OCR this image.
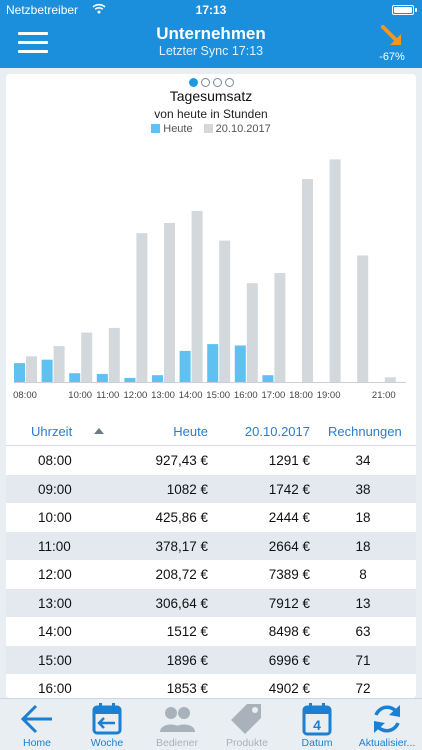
Netzbetreiber	17:13
Unternehmen
Letzter Sync 17:13	-67%
Tagesumsatz
von heute in Stunden
Heute 20.10.2017
08:00	10:00 11:00 12:00 13:00 14:00 15:00 16:00 17:00 18:00 19:00	21:00
Uhrzeit	Heute	20.10.2017 Rechnungen
08:00	927,43 €	1291 €	34
09:00	1082 €	1742 €	38
10:00	425,86 €	2444 €	18
11:00	378,17 €	2664 €	18
12:00	208,72 €	7389 €	8
13:00	306,64 €	7912 €	13
14:00	1512 €	8498 €	63
15:00	1896 €	6996 €	71
16:00	1853 €	4902 €	72
Home	Woche	Bediener	Produkte
4
Datum	Aktualisier...
